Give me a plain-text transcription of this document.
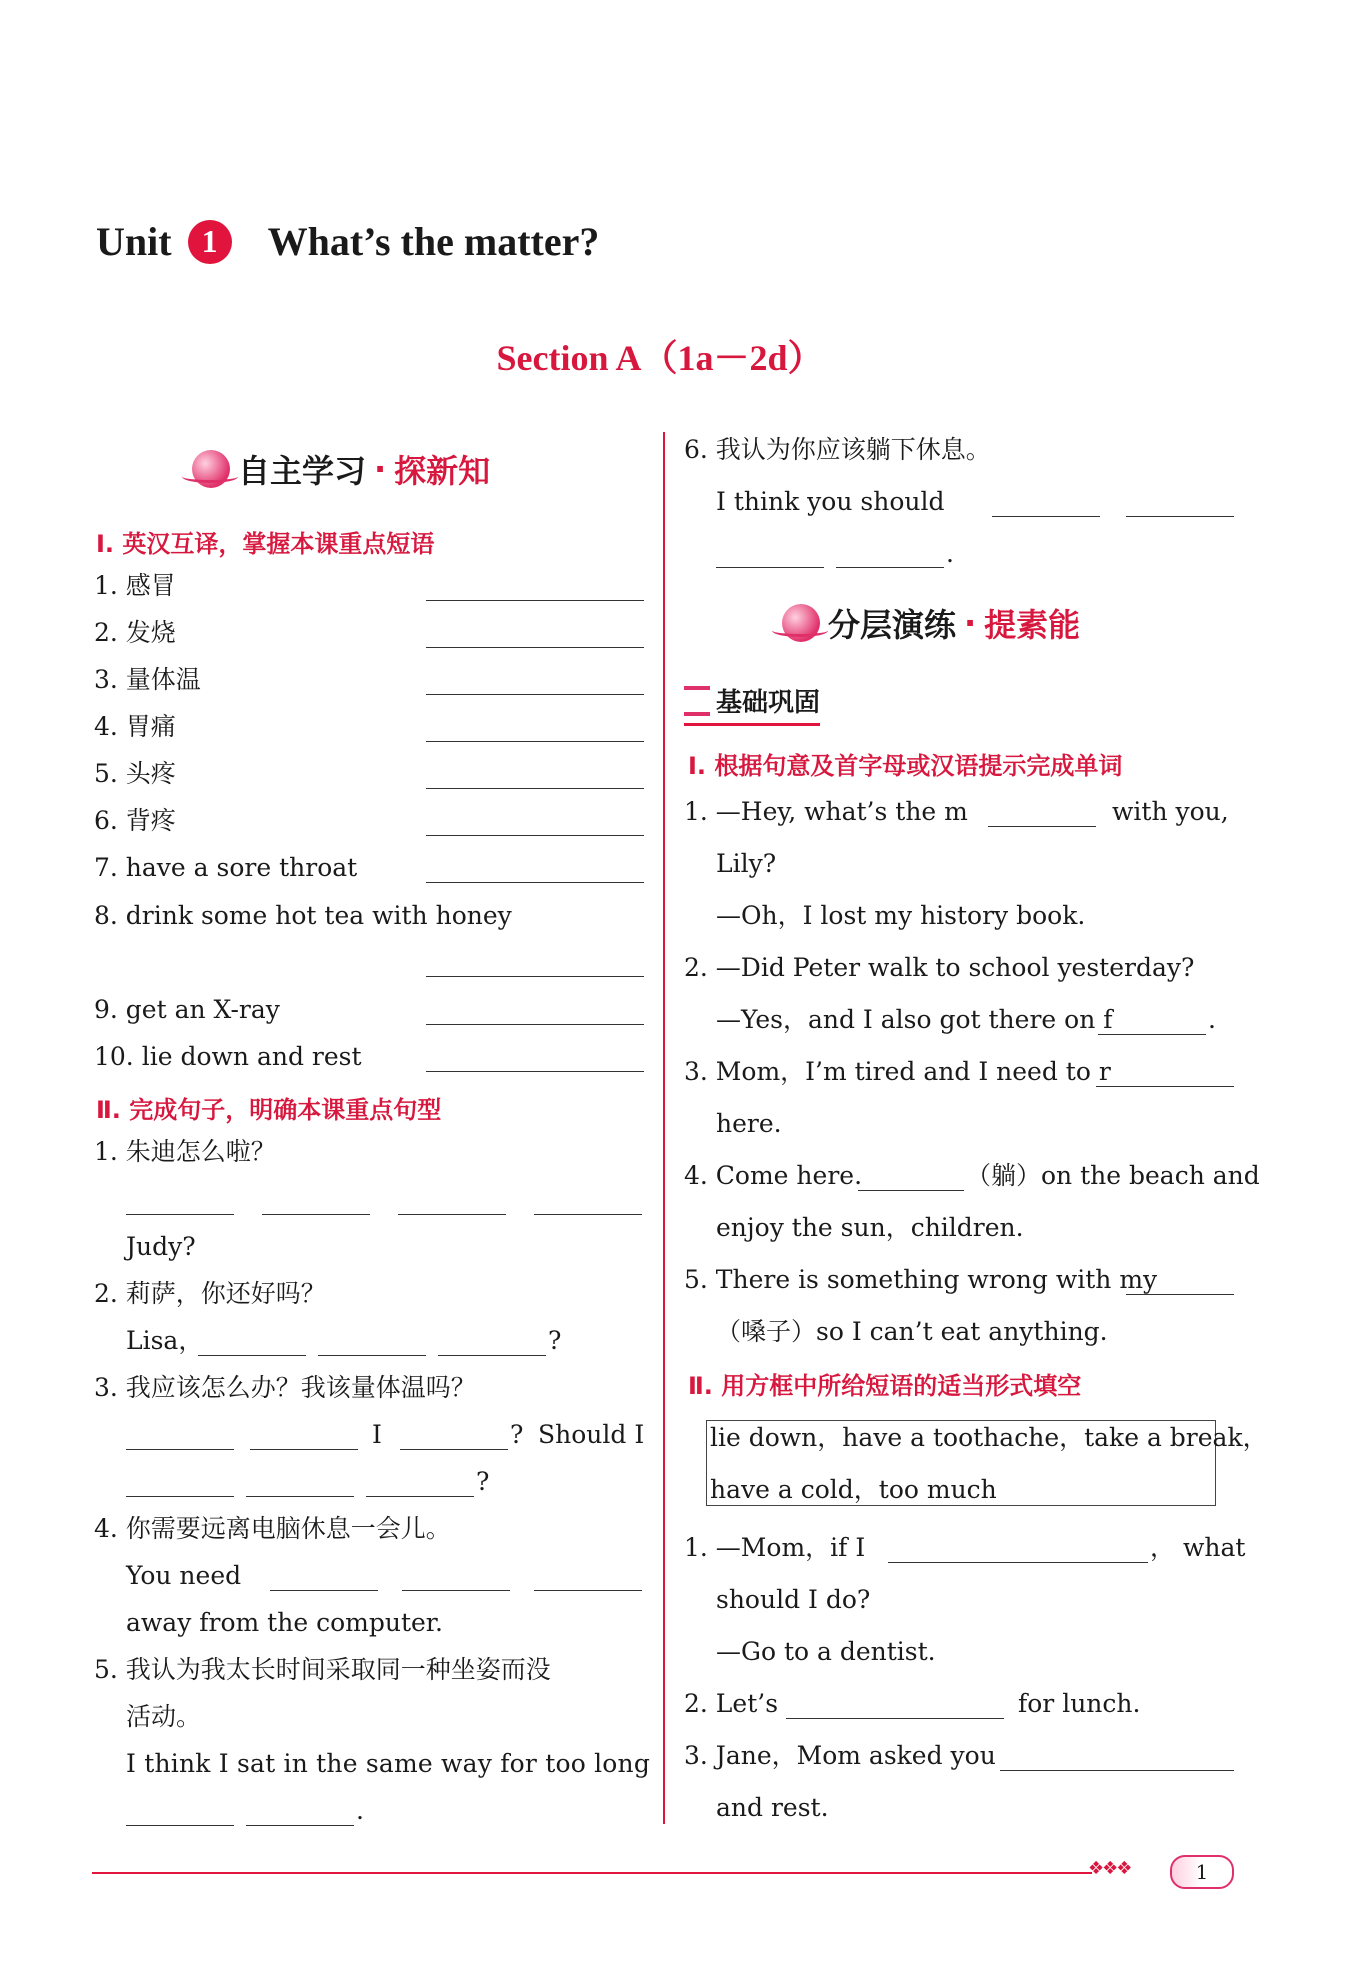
Unit 1	What’s the matter?
Section A（1a－2d）
自主学习 · 探新知
Ⅰ. 英汉互译，掌握本课重点短语
1. 感冒
2. 发烧
3. 量体温
4. 胃痛
5. 头疼
6. 背疼
7. have a sore throat
8. drink some hot tea with honey
9. get an X-ray
10. lie down and rest
Ⅱ. 完成句子，明确本课重点句型
1. 朱迪怎么啦？
Judy?
2. 莉萨，你还好吗？
Lisa，	?
3. 我应该怎么办？我该量体温吗？
I	? Should I
?
4. 你需要远离电脑休息一会儿。
You need
away from the computer.
5. 我认为我太长时间采取同一种坐姿而没
活动。
I think I sat in the same way for too long
.
6. 我认为你应该躺下休息。
I think you should
.
分层演练 · 提素能
基础巩固
Ⅰ. 根据句意及首字母或汉语提示完成单词
1. —Hey, what’s the m	with you,
Lily?
—Oh，I lost my history book.
2. —Did Peter walk to school yesterday?
—Yes，and I also got there on f	.
3. Mom，I’m tired and I need to r
here.
4. Come here.	（躺）on the beach and
enjoy the sun，children.
5. There is something wrong with my
（嗓子）so I can’t eat anything.
Ⅱ. 用方框中所给短语的适当形式填空
lie down，have a toothache，take a break，
have a cold，too much
1. —Mom，if I	， what
should I do?
—Go to a dentist.
2. Let’s	for lunch.
3. Jane，Mom asked you
and rest.
❖❖❖	1
